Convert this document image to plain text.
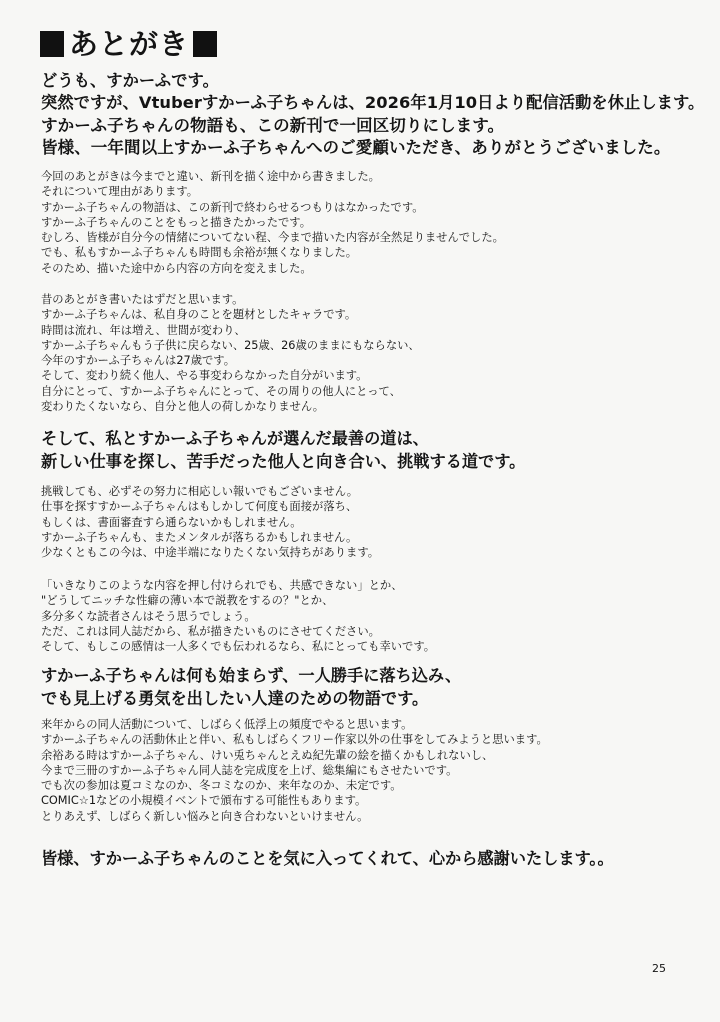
あとがき

どうも、すかーふです。

突然ですが、Vtuberすかーふ子ちゃんは、2026年1月10日より配信活動を休止します。

すかーふ子ちゃんの物語も、この新刊で一回区切りにします。

皆様、一年間以上すかーふ子ちゃんへのご愛顧いただき、ありがとうございました。

今回のあとがきは今までと違い、新刊を描く途中から書きました。

それについて理由があります。

すかーふ子ちゃんの物語は、この新刊で終わらせるつもりはなかったです。

すかーふ子ちゃんのことをもっと描きたかったです。

むしろ、皆様が自分今の情緒についてない程、今まで描いた内容が全然足りませんでした。

でも、私もすかーふ子ちゃんも時間も余裕が無くなりました。

そのため、描いた途中から内容の方向を変えました。

昔のあとがき書いたはずだと思います。

すかーふ子ちゃんは、私自身のことを題材としたキャラです。

時間は流れ、年は増え、世間が変わり、

すかーふ子ちゃんもう子供に戻らない、25歳、26歳のままにもならない、

今年のすかーふ子ちゃんは27歳です。

そして、変わり続く他人、やる事変わらなかった自分がいます。

自分にとって、すかーふ子ちゃんにとって、その周りの他人にとって、

変わりたくないなら、自分と他人の荷しかなりません。

そして、私とすかーふ子ちゃんが選んだ最善の道は、

新しい仕事を探し、苦手だった他人と向き合い、挑戦する道です。

挑戦しても、必ずその努力に相応しい報いでもございません。

仕事を探すすかーふ子ちゃんはもしかして何度も面接が落ち、

もしくは、書面審査すら通らないかもしれません。

すかーふ子ちゃんも、またメンタルが落ちるかもしれません。

少なくともこの今は、中途半端になりたくない気持ちがあります。

「いきなりこのような内容を押し付けられでも、共感できない」とか、

"どうしてニッチな性癖の薄い本で説教をするの？"とか、

多分多くな読者さんはそう思うでしょう。

ただ、これは同人誌だから、私が描きたいものにさせてください。

そして、もしこの感情は一人多くでも伝われるなら、私にとっても幸いです。

すかーふ子ちゃんは何も始まらず、一人勝手に落ち込み、

でも見上げる勇気を出したい人達のための物語です。

来年からの同人活動について、しばらく低浮上の頻度でやると思います。

すかーふ子ちゃんの活動休止と伴い、私もしばらくフリー作家以外の仕事をしてみようと思います。

余裕ある時はすかーふ子ちゃん、けい兎ちゃんとえぬ紀先輩の絵を描くかもしれないし、

今まで三冊のすかーふ子ちゃん同人誌を完成度を上げ、総集編にもさせたいです。

でも次の参加は夏コミなのか、冬コミなのか、来年なのか、未定です。

COMIC☆1などの小規模イベントで頒布する可能性もあります。

とりあえず、しばらく新しい悩みと向き合わないといけません。

皆様、すかーふ子ちゃんのことを気に入ってくれて、心から感謝いたします。。

25
